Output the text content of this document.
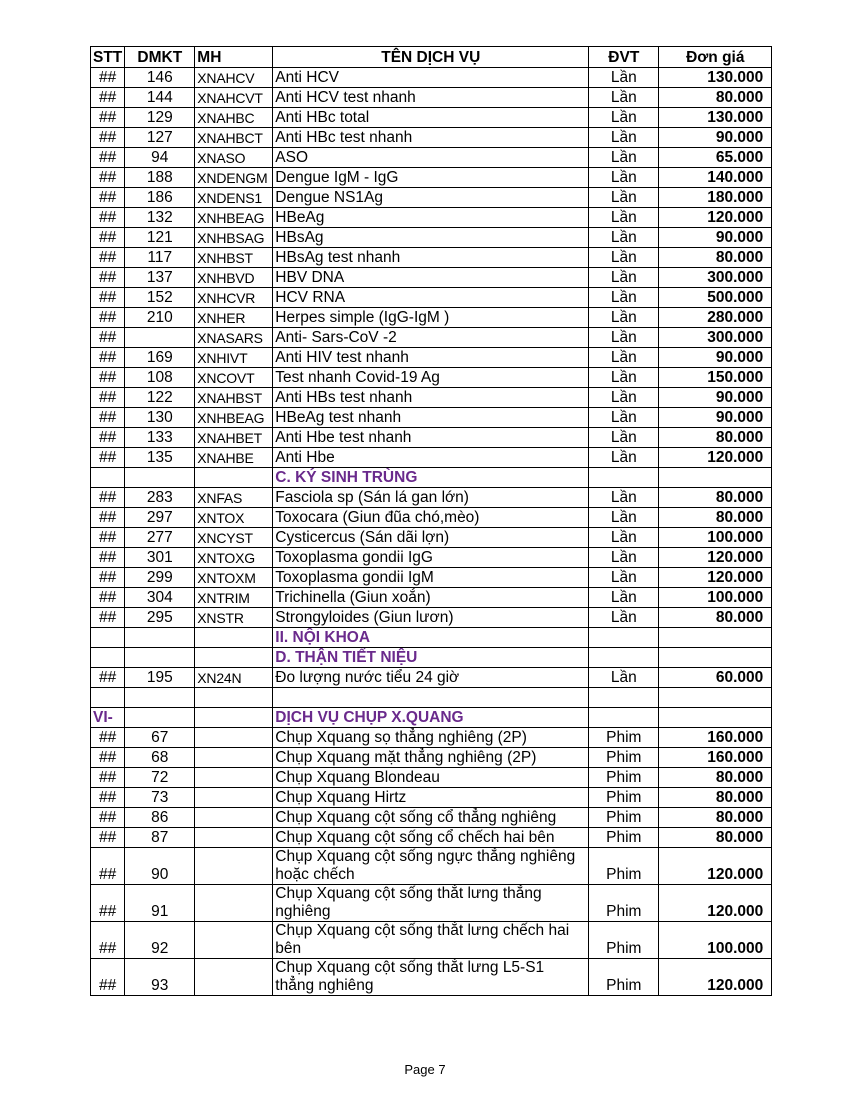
STT	DMKT	MH	TÊN DỊCH VỤ	ĐVT	Đơn giá
##	146	XNAHCV	Anti HCV	Lần	130.000
##	144	XNAHCVT	Anti HCV test nhanh	Lần	80.000
##	129	XNAHBC	Anti HBc total	Lần	130.000
##	127	XNAHBCT	Anti HBc test nhanh	Lần	90.000
##	94	XNASO	ASO	Lần	65.000
##	188	XNDENGM	Dengue IgM - IgG	Lần	140.000
##	186	XNDENS1	Dengue NS1Ag	Lần	180.000
##	132	XNHBEAG	HBeAg	Lần	120.000
##	121	XNHBSAG	HBsAg	Lần	90.000
##	117	XNHBST	HBsAg test nhanh	Lần	80.000
##	137	XNHBVD	HBV DNA	Lần	300.000
##	152	XNHCVR	HCV RNA	Lần	500.000
##	210	XNHER	Herpes simple (IgG-IgM )	Lần	280.000
##		XNASARS	Anti- Sars-CoV -2	Lần	300.000
##	169	XNHIVT	Anti HIV test nhanh	Lần	90.000
##	108	XNCOVT	Test nhanh Covid-19 Ag	Lần	150.000
##	122	XNAHBST	Anti HBs test nhanh	Lần	90.000
##	130	XNHBEAG	HBeAg test nhanh	Lần	90.000
##	133	XNAHBET	Anti Hbe test nhanh	Lần	80.000
##	135	XNAHBE	Anti Hbe	Lần	120.000
			C. KÝ SINH TRÙNG		
##	283	XNFAS	Fasciola sp (Sán lá gan lớn)	Lần	80.000
##	297	XNTOX	Toxocara (Giun đũa chó,mèo)	Lần	80.000
##	277	XNCYST	Cysticercus (Sán dãi lợn)	Lần	100.000
##	301	XNTOXG	Toxoplasma gondii IgG	Lần	120.000
##	299	XNTOXM	Toxoplasma gondii IgM	Lần	120.000
##	304	XNTRIM	Trichinella (Giun xoắn)	Lần	100.000
##	295	XNSTR	Strongyloides (Giun lươn)	Lần	80.000
			II. NỘI KHOA		
			D. THẬN TIẾT NIỆU		
##	195	XN24N	Đo lượng nước tiểu 24 giờ	Lần	60.000

VI-			DỊCH VỤ CHỤP X.QUANG		
##	67		Chụp Xquang sọ thẳng nghiêng (2P)	Phim	160.000
##	68		Chụp Xquang mặt thẳng nghiêng (2P)	Phim	160.000
##	72		Chụp Xquang Blondeau	Phim	80.000
##	73		Chụp Xquang Hirtz	Phim	80.000
##	86		Chụp Xquang cột sống cổ thẳng nghiêng	Phim	80.000
##	87		Chụp Xquang cột sống cổ chếch hai bên	Phim	80.000
##	90		Chụp Xquang cột sống ngực thẳng nghiêng hoặc chếch	Phim	120.000
##	91		Chụp Xquang cột sống thắt lưng thẳng nghiêng	Phim	120.000
##	92		Chụp Xquang cột sống thắt lưng chếch hai bên	Phim	100.000
##	93		Chụp Xquang cột sống thắt lưng L5-S1 thẳng nghiêng	Phim	120.000
Page 7
